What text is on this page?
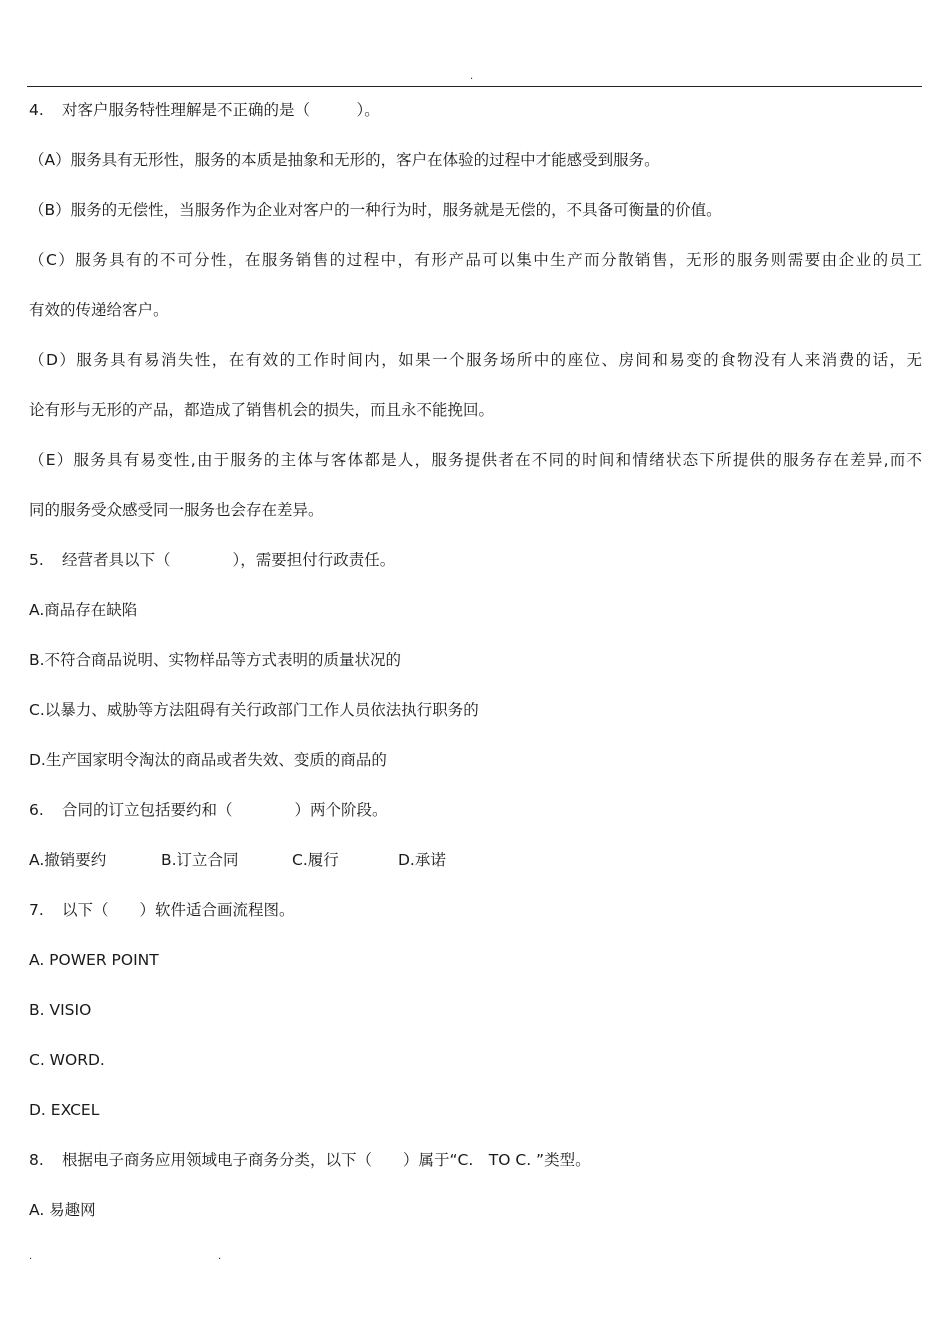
.
4. 对客户服务特性理解是不正确的是（　　　）。
（A）服务具有无形性，服务的本质是抽象和无形的，客户在体验的过程中才能感受到服务。
（B）服务的无偿性，当服务作为企业对客户的一种行为时，服务就是无偿的，不具备可衡量的价值。
（C）服务具有的不可分性，在服务销售的过程中，有形产品可以集中生产而分散销售，无形的服务则需要由企业的员工
有效的传递给客户。
（D）服务具有易消失性，在有效的工作时间内，如果一个服务场所中的座位、房间和易变的食物没有人来消费的话，无
论有形与无形的产品，都造成了销售机会的损失，而且永不能挽回。
（E）服务具有易变性,由于服务的主体与客体都是人，服务提供者在不同的时间和情绪状态下所提供的服务存在差异,而不
同的服务受众感受同一服务也会存在差异。
5. 经营者具以下（　　　　），需要担付行政责任。
A.商品存在缺陷
B.不符合商品说明、实物样品等方式表明的质量状况的
C.以暴力、威胁等方法阻碍有关行政部门工作人员依法执行职务的
D.生产国家明令淘汰的商品或者失效、变质的商品的
6. 合同的订立包括要约和（　　　　）两个阶段。
A.撤销要约	B.订立合同	C.履行	D.承诺
7. 以下（　　）软件适合画流程图。
A. POWER POINT
B. VISIO
C. WORD.
D. EXCEL
8. 根据电子商务应用领域电子商务分类，以下（　　）属于“C.　TO C. ”类型。
A. 易趣网
.	.
